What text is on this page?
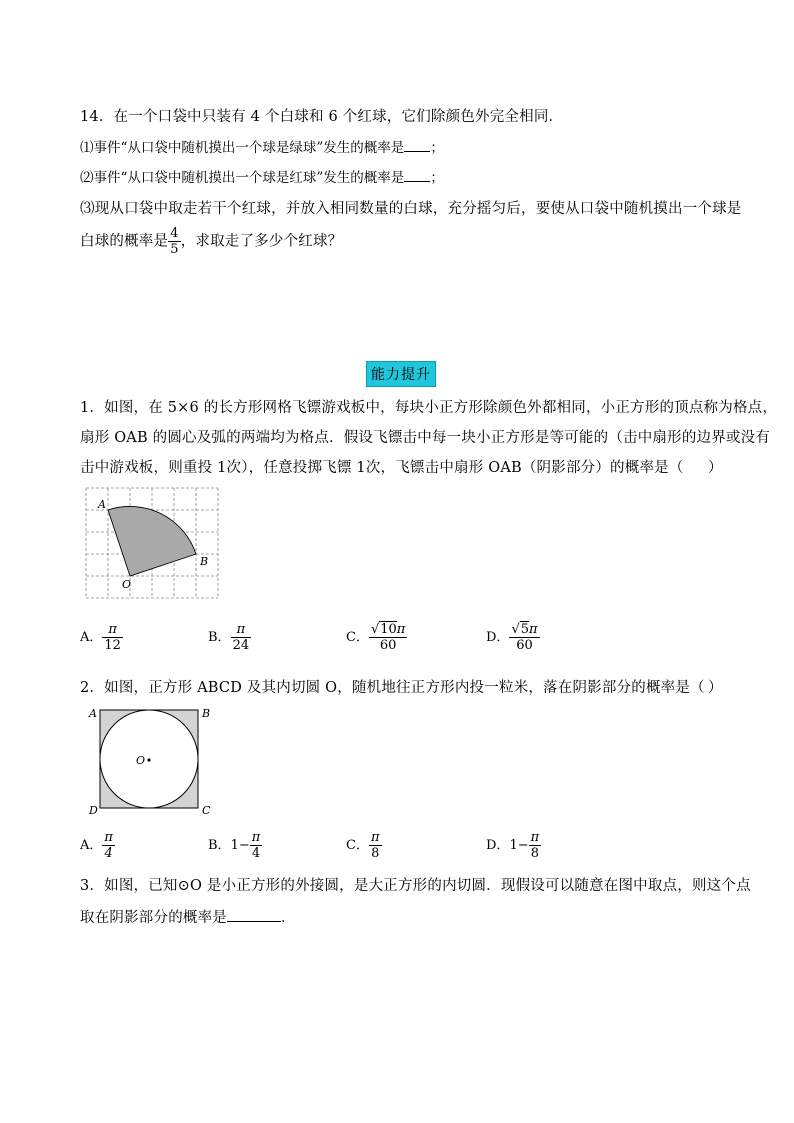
14．在一个口袋中只装有 4 个白球和 6 个红球，它们除颜色外完全相同．
⑴事件“从口袋中随机摸出一个球是绿球”发生的概率是 ；
⑵事件“从口袋中随机摸出一个球是红球”发生的概率是 ；
⑶现从口袋中取走若干个红球，并放入相同数量的白球，充分摇匀后，要使从口袋中随机摸出一个球是
白球的概率是 $\frac{4}{5}$ ，求取走了多少个红球？
能力提升
1．如图，在 5×6 的长方形网格飞镖游戏板中，每块小正方形除颜色外都相同，小正方形的顶点称为格点，
扇形 OAB 的圆心及弧的两端均为格点．假设飞镖击中每一块小正方形是等可能的（击中扇形的边界或没有
击中游戏板，则重投 1次），任意投掷飞镖 1次，飞镖击中扇形 OAB（阴影部分）的概率是（ ）
A
B
O
A． $\frac{\pi}{12}$	B． $\frac{\pi}{24}$	C． $\frac{√10\pi}{60}$	D． $\frac{√5\pi}{60}$
2．如图，正方形 ABCD 及其内切圆 O，随机地往正方形内投一粒米，落在阴影部分的概率是（ ）
O
A	B
C
D
A． $\frac{\pi}{4}$	B．$1- \frac{\pi}{4}$	C． $\frac{\pi}{8}$	D．$1- \frac{\pi}{8}$
3．如图，已知⊙O 是小正方形的外接圆，是大正方形的内切圆．现假设可以随意在图中取点，则这个点
取在阴影部分的概率是	．
